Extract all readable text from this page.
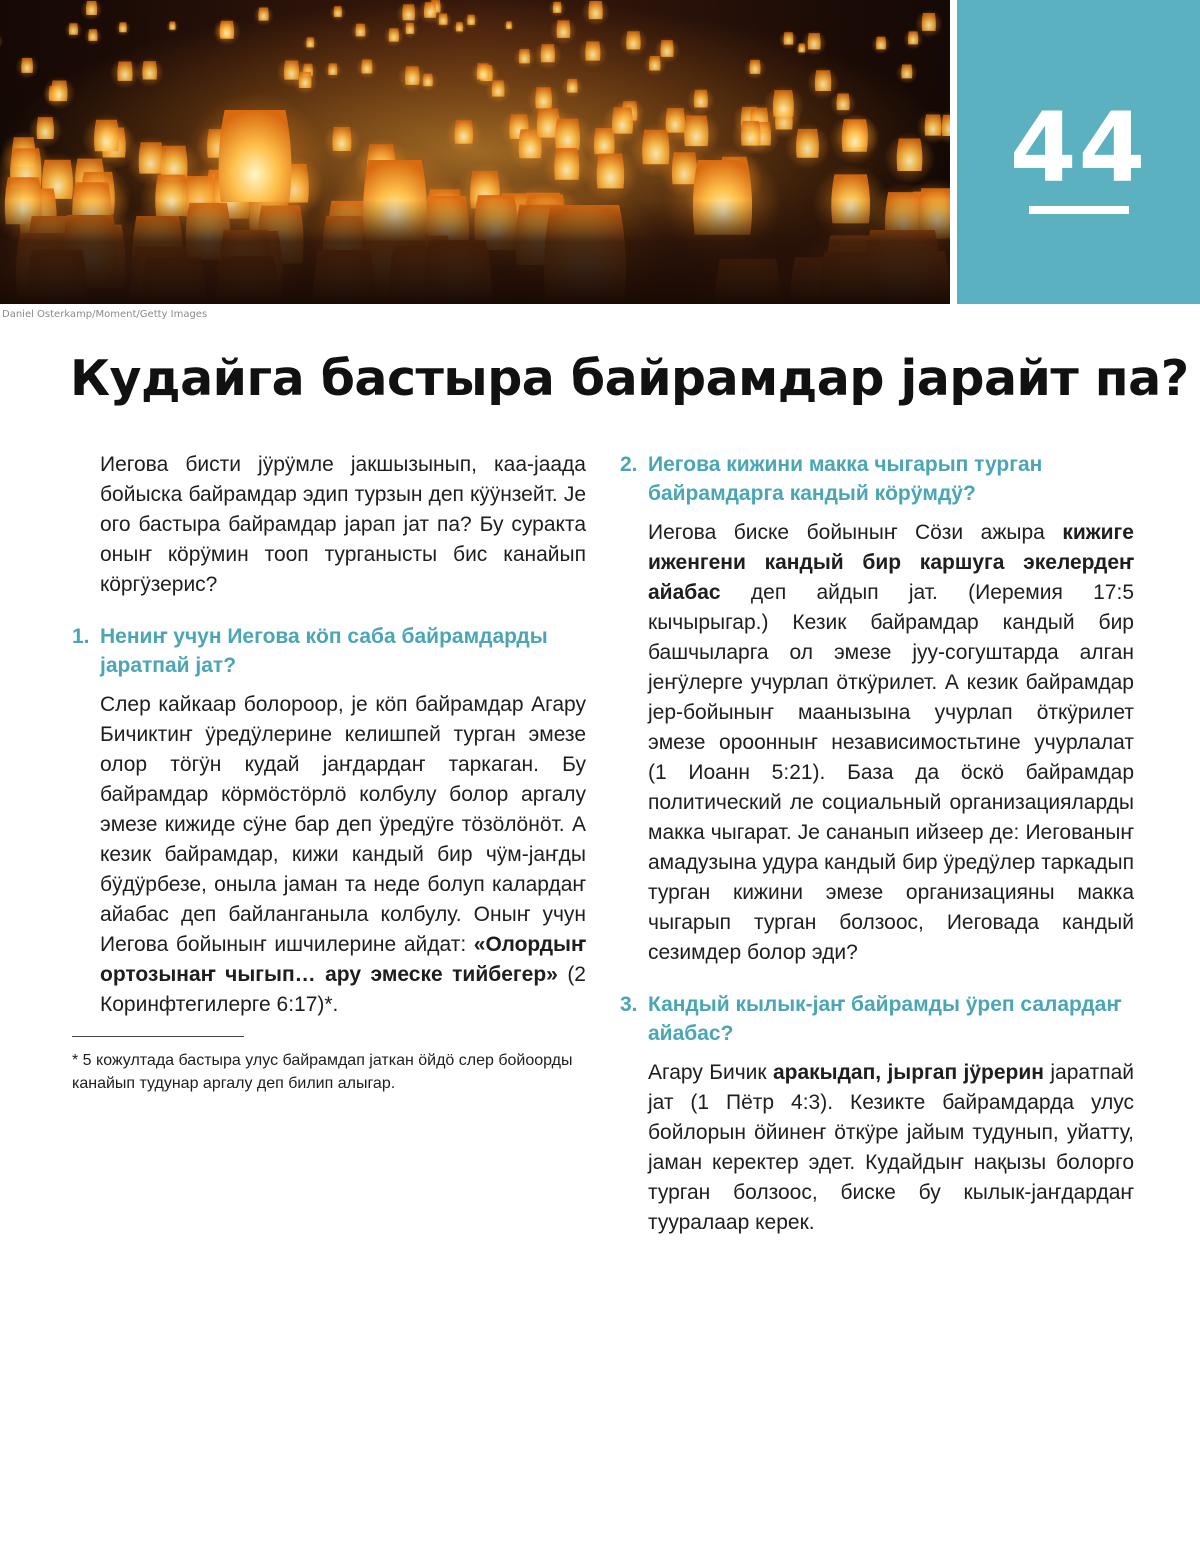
44
Daniel Osterkamp/Moment/Getty Images
Кудайга бастыра байрамдар јарайт па?

Иегова бисти јӱрӱмле јакшызынып, каа-јаада бойыска байрамдар эдип турзын деп кӱӱнзейт. Је ого бастыра байрамдар јарап јат па? Бу суракта оныҥ кӧрӱмин тооп турганысты бис канайып кӧргӱзерис?

1. Нениҥ учун Иегова кӧп саба байрамдарды јаратпай јат?

Слер кайкаар болороор, је кӧп байрамдар Агару Бичиктиҥ ӱредӱлерине келишпей турган эмезе олор тӧгӱн кудай јаҥдардаҥ таркаган. Бу байрамдар кӧрмӧстӧрлӧ колбулу болор аргалу эмезе кижиде сӱне бар деп ӱредӱге тӧзӧлӧнӧт. А кезик байрамдар, кижи кандый бир чӱм-јаҥды бӱдӱрбезе, оныла јаман та неде болуп калардаҥ айабас деп байланганыла колбулу. Оныҥ учун Иегова бойыныҥ ишчилерине айдат: «Олордыҥ ортозынаҥ чыгып… ару эмеске тийбегер» (2 Коринфтегилерге 6:17)*.

* 5 кожултада бастыра улус байрамдап јаткан ӧйдӧ слер бойоорды канайып тудунар аргалу деп билип алыгар.
2. Иегова кижини макка чыгарып турган байрамдарга кандый кӧрӱмдӱ?

Иегова биске бойыныҥ Сӧзи ажыра кижиге иженгени кандый бир каршуга экелердеҥ айабас деп айдып јат. (Иеремия 17:5 кычырыгар.) Кезик байрамдар кандый бир башчыларга ол эмезе јуу-согуштарда алган јеҥӱлерге учурлап ӧткӱрилет. А кезик байрамдар јер-бойыныҥ маанызына учурлап ӧткӱрилет эмезе ороонныҥ независимостьтине учурлалат (1 Иоанн 5:21). База да ӧскӧ байрамдар политический ле социальный организацияларды макка чыгарат. Је сананып ийзеер де: Иегованыҥ амадузына удура кандый бир ӱредӱлер таркадып турган кижини эмезе организацияны макка чыгарып турган болзоос, Иеговада кандый сезимдер болор эди?

3. Кандый кылык-јаҥ байрамды ӱреп салардаҥ айабас?

Агару Бичик аракыдап, јыргап јӱрерин јаратпай јат (1 Пётр 4:3). Кезикте байрамдарда улус бойлорын ӧйинеҥ ӧткӱре јайым тудунып, уйатту, јаман керектер эдет. Кудайдыҥ нақызы болорго турган болзоос, биске бу кылык-јаҥдардаҥ тууралаар керек.
